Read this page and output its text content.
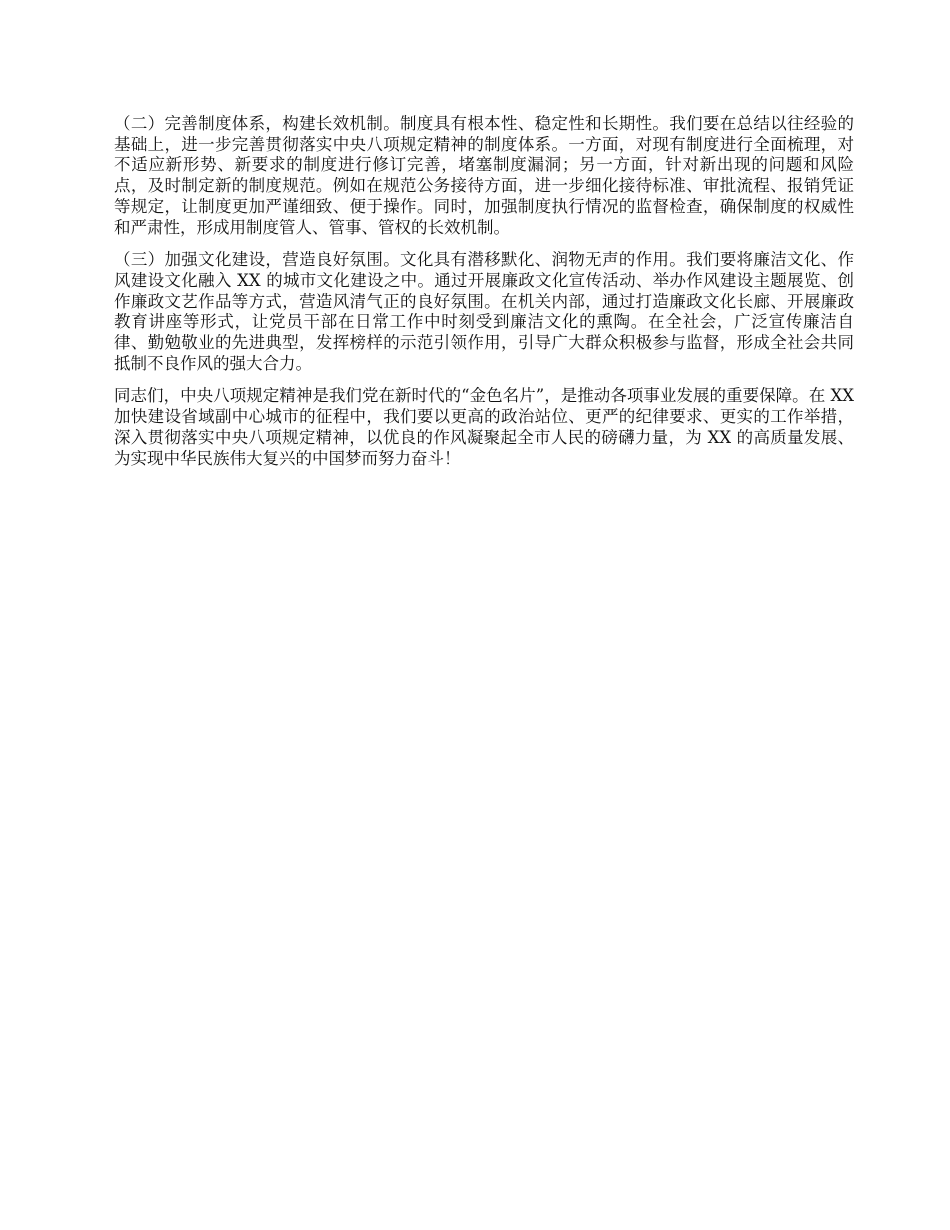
（二）完善制度体系，构建长效机制。制度具有根本性、稳定性和长期性。我们要在总结以往经验的基础上，进一步完善贯彻落实中央八项规定精神的制度体系。一方面，对现有制度进行全面梳理，对不适应新形势、新要求的制度进行修订完善，堵塞制度漏洞；另一方面，针对新出现的问题和风险点，及时制定新的制度规范。例如在规范公务接待方面，进一步细化接待标准、审批流程、报销凭证等规定，让制度更加严谨细致、便于操作。同时，加强制度执行情况的监督检查，确保制度的权威性和严肃性，形成用制度管人、管事、管权的长效机制。

（三）加强文化建设，营造良好氛围。文化具有潜移默化、润物无声的作用。我们要将廉洁文化、作风建设文化融入 XX 的城市文化建设之中。通过开展廉政文化宣传活动、举办作风建设主题展览、创作廉政文艺作品等方式，营造风清气正的良好氛围。在机关内部，通过打造廉政文化长廊、开展廉政教育讲座等形式，让党员干部在日常工作中时刻受到廉洁文化的熏陶。在全社会，广泛宣传廉洁自律、勤勉敬业的先进典型，发挥榜样的示范引领作用，引导广大群众积极参与监督，形成全社会共同抵制不良作风的强大合力。

同志们，中央八项规定精神是我们党在新时代的“金色名片”，是推动各项事业发展的重要保障。在 XX 加快建设省域副中心城市的征程中，我们要以更高的政治站位、更严的纪律要求、更实的工作举措，深入贯彻落实中央八项规定精神，以优良的作风凝聚起全市人民的磅礴力量，为 XX 的高质量发展、为实现中华民族伟大复兴的中国梦而努力奋斗！
